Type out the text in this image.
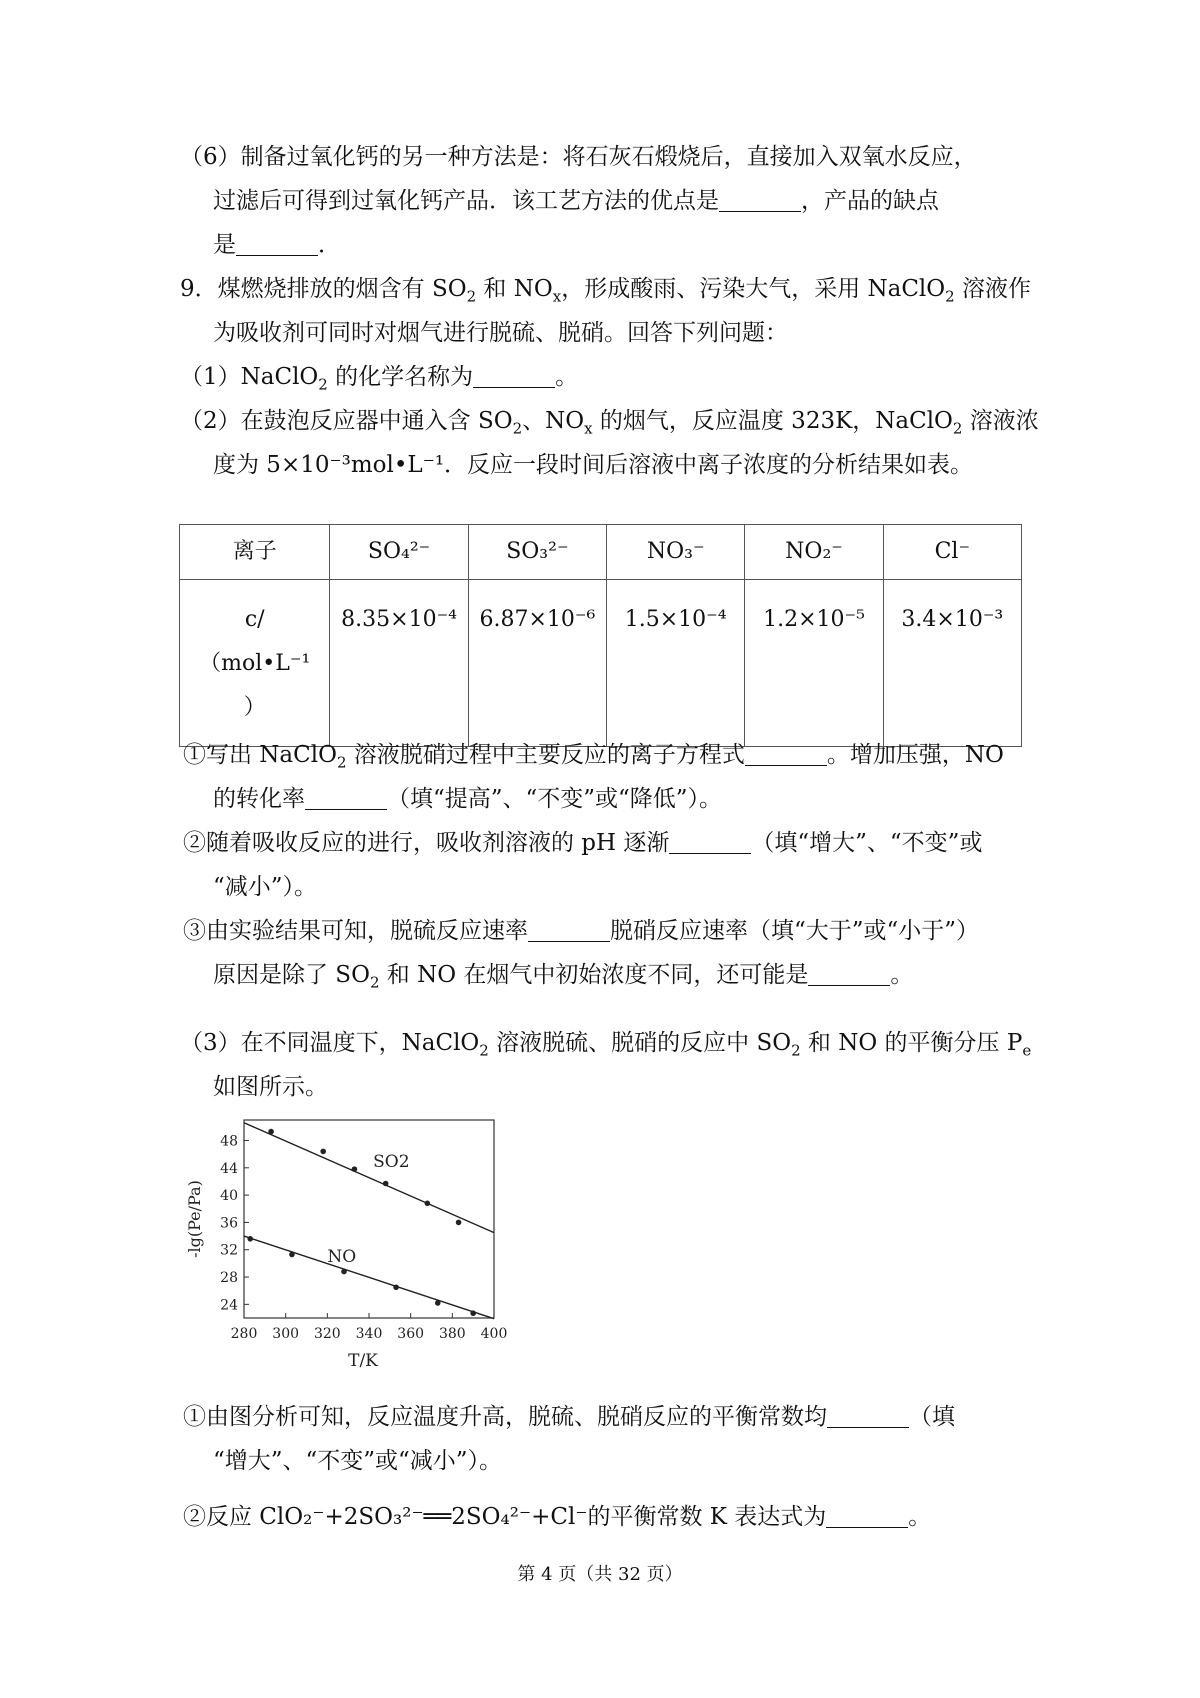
（6）制备过氧化钙的另一种方法是：将石灰石煅烧后，直接加入双氧水反应，
过滤后可得到过氧化钙产品．该工艺方法的优点是	，产品的缺点
是	．
9．煤燃烧排放的烟含有 $SO_2$ 和 $NO_x$，形成酸雨、污染大气，采用 NaClO$_2$ 溶液作
为吸收剂可同时对烟气进行脱硫、脱硝。回答下列问题：
（1）NaClO$_2$ 的化学名称为	。
（2）在鼓泡反应器中通入含 $SO_2$、$NO_x$ 的烟气，反应温度 323K，NaClO$_2$ 溶液浓
度为 5×10⁻³mol•L⁻¹．反应一段时间后溶液中离子浓度的分析结果如表。
离子	SO₄²⁻	SO₃²⁻	NO₃⁻	NO₂⁻	Cl⁻

c/
（mol•L⁻¹
）	8.35×10⁻⁴	6.87×10⁻⁶	1.5×10⁻⁴	1.2×10⁻⁵	3.4×10⁻³
①写出 NaClO$_2$ 溶液脱硝过程中主要反应的离子方程式	。增加压强，NO
的转化率	（填“提高”、“不变”或“降低”）。
②随着吸收反应的进行，吸收剂溶液的 pH 逐渐	（填“增大”、“不变”或
“减小”）。
③由实验结果可知，脱硫反应速率	脱硝反应速率（填“大于”或“小于”）
原因是除了 $SO_2$ 和 NO 在烟气中初始浓度不同，还可能是	。
（3）在不同温度下，NaClO$_2$ 溶液脱硫、脱硝的反应中 $SO_2$ 和 NO 的平衡分压 $P_e$
如图所示。
280 300 320 340 360 380 400
24
28
32
36
40
44
48
T/K
-lg(Pe/Pa)
SO2
NO
①由图分析可知，反应温度升高，脱硫、脱硝反应的平衡常数均	（填
“增大”、“不变”或“减小”）。
②反应 ClO₂⁻+2SO₃²⁻══2SO₄²⁻+Cl⁻的平衡常数 K 表达式为	。
第 4 页（共 32 页）
